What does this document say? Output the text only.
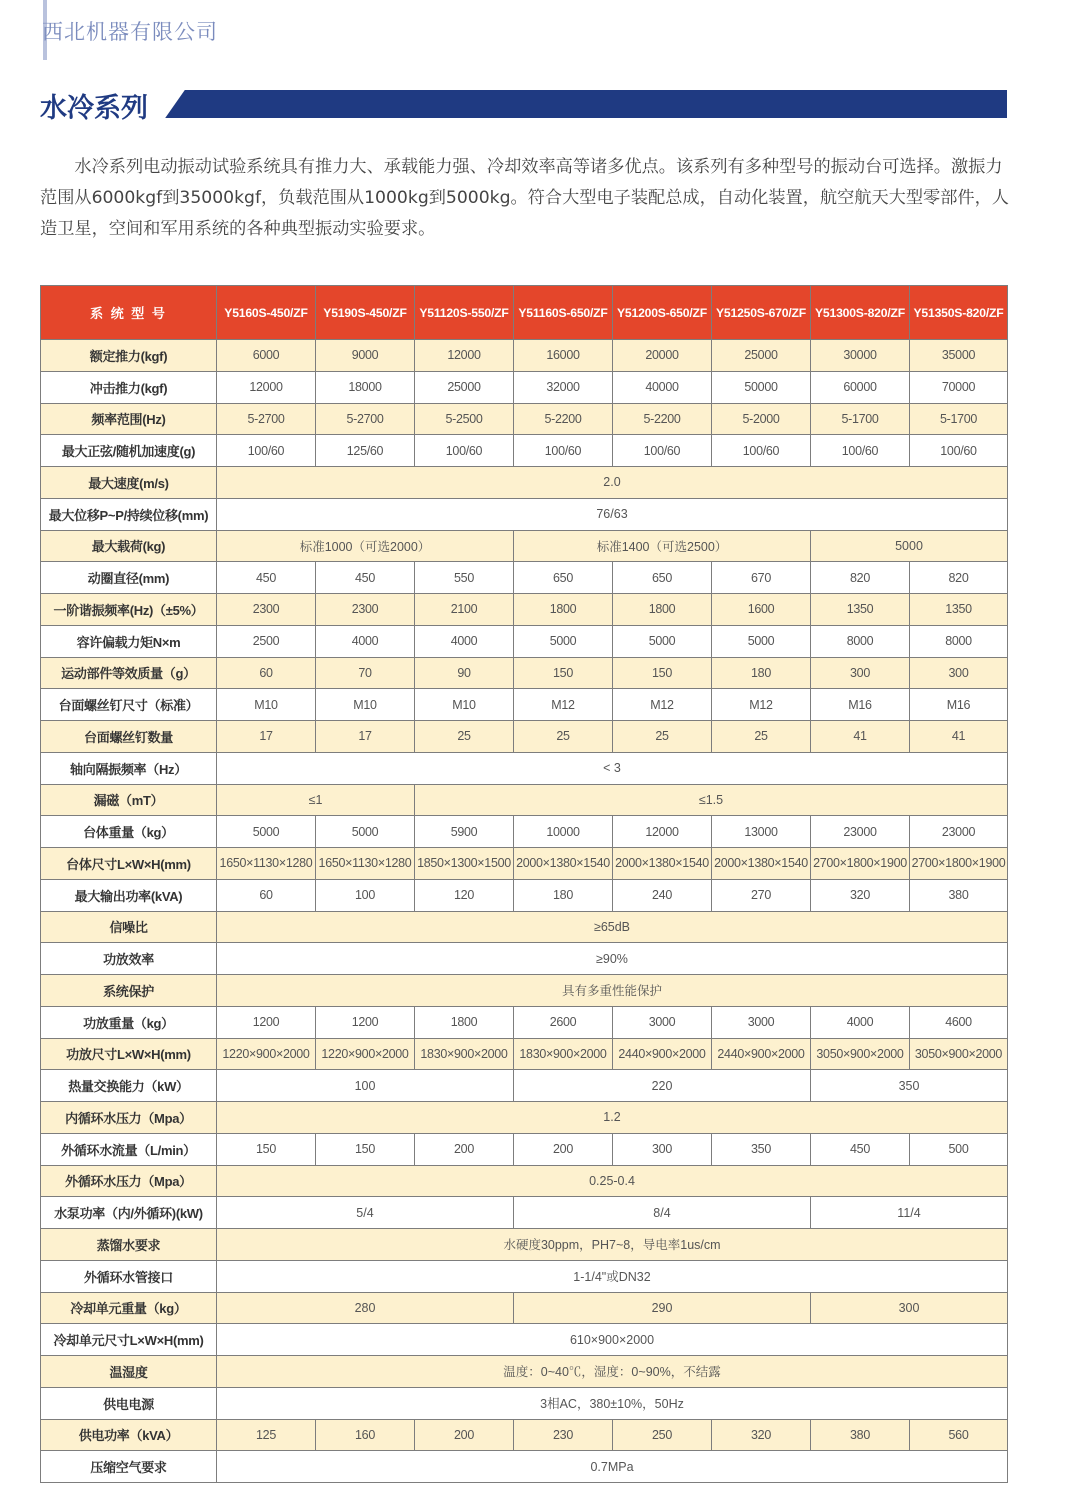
西北机器有限公司
水冷系列

水冷系列电动振动试验系统具有推力大、承载能力强、冷却效率高等诸多优点。该系列有多种型号的振动台可选择。激振力范围从6000kgf到35000kgf，负载范围从1000kg到5000kg。符合大型电子装配总成，自动化装置，航空航天大型零部件，人造卫星，空间和军用系统的各种典型振动实验要求。

系 统 型 号	Y5160S-450/ZF	Y5190S-450/ZF	Y51120S-550/ZF	Y51160S-650/ZF	Y51200S-650/ZF	Y51250S-670/ZF	Y51300S-820/ZF	Y51350S-820/ZF
额定推力(kgf)	6000	9000	12000	16000	20000	25000	30000	35000
冲击推力(kgf)	12000	18000	25000	32000	40000	50000	60000	70000
频率范围(Hz)	5-2700	5-2700	5-2500	5-2200	5-2200	5-2000	5-1700	5-1700
最大正弦/随机加速度(g)	100/60	125/60	100/60	100/60	100/60	100/60	100/60	100/60
最大速度(m/s)	2.0							
最大位移P~P/持续位移(mm)	76/63							
最大载荷(kg)	标准1000（可选2000）			标准1400（可选2500）			5000	
动圈直径(mm)	450	450	550	650	650	670	820	820
一阶谐振频率(Hz)（±5%）	2300	2300	2100	1800	1800	1600	1350	1350
容许偏载力矩N×m	2500	4000	4000	5000	5000	5000	8000	8000
运动部件等效质量（g）	60	70	90	150	150	180	300	300
台面螺丝钉尺寸（标准）	M10	M10	M10	M12	M12	M12	M16	M16
台面螺丝钉数量	17	17	25	25	25	25	41	41
轴向隔振频率（Hz）	< 3							
漏磁（mT）	≤1		≤1.5					
台体重量（kg）	5000	5000	5900	10000	12000	13000	23000	23000
台体尺寸L×W×H(mm)	1650×1130×1280	1650×1130×1280	1850×1300×1500	2000×1380×1540	2000×1380×1540	2000×1380×1540	2700×1800×1900	2700×1800×1900
最大输出功率(kVA)	60	100	120	180	240	270	320	380
信噪比	≥65dB							
功放效率	≥90%							
系统保护	具有多重性能保护							
功放重量（kg）	1200	1200	1800	2600	3000	3000	4000	4600
功放尺寸L×W×H(mm)	1220×900×2000	1220×900×2000	1830×900×2000	1830×900×2000	2440×900×2000	2440×900×2000	3050×900×2000	3050×900×2000
热量交换能力（kW）	100			220			350	
内循环水压力（Mpa）	1.2							
外循环水流量（L/min）	150	150	200	200	300	350	450	500
外循环水压力（Mpa）	0.25-0.4							
水泵功率（内/外循环)(kW)	5/4			8/4			11/4	
蒸馏水要求	水硬度30ppm，PH7~8，导电率1us/cm							
外循环水管接口	1-1/4"或DN32							
冷却单元重量（kg）	280			290			300	
冷却单元尺寸L×W×H(mm)	610×900×2000							
温湿度	温度：0~40℃，湿度：0~90%，不结露							
供电电源	3相AC，380±10%，50Hz							
供电功率（kVA）	125	160	200	230	250	320	380	560
压缩空气要求	0.7MPa							
